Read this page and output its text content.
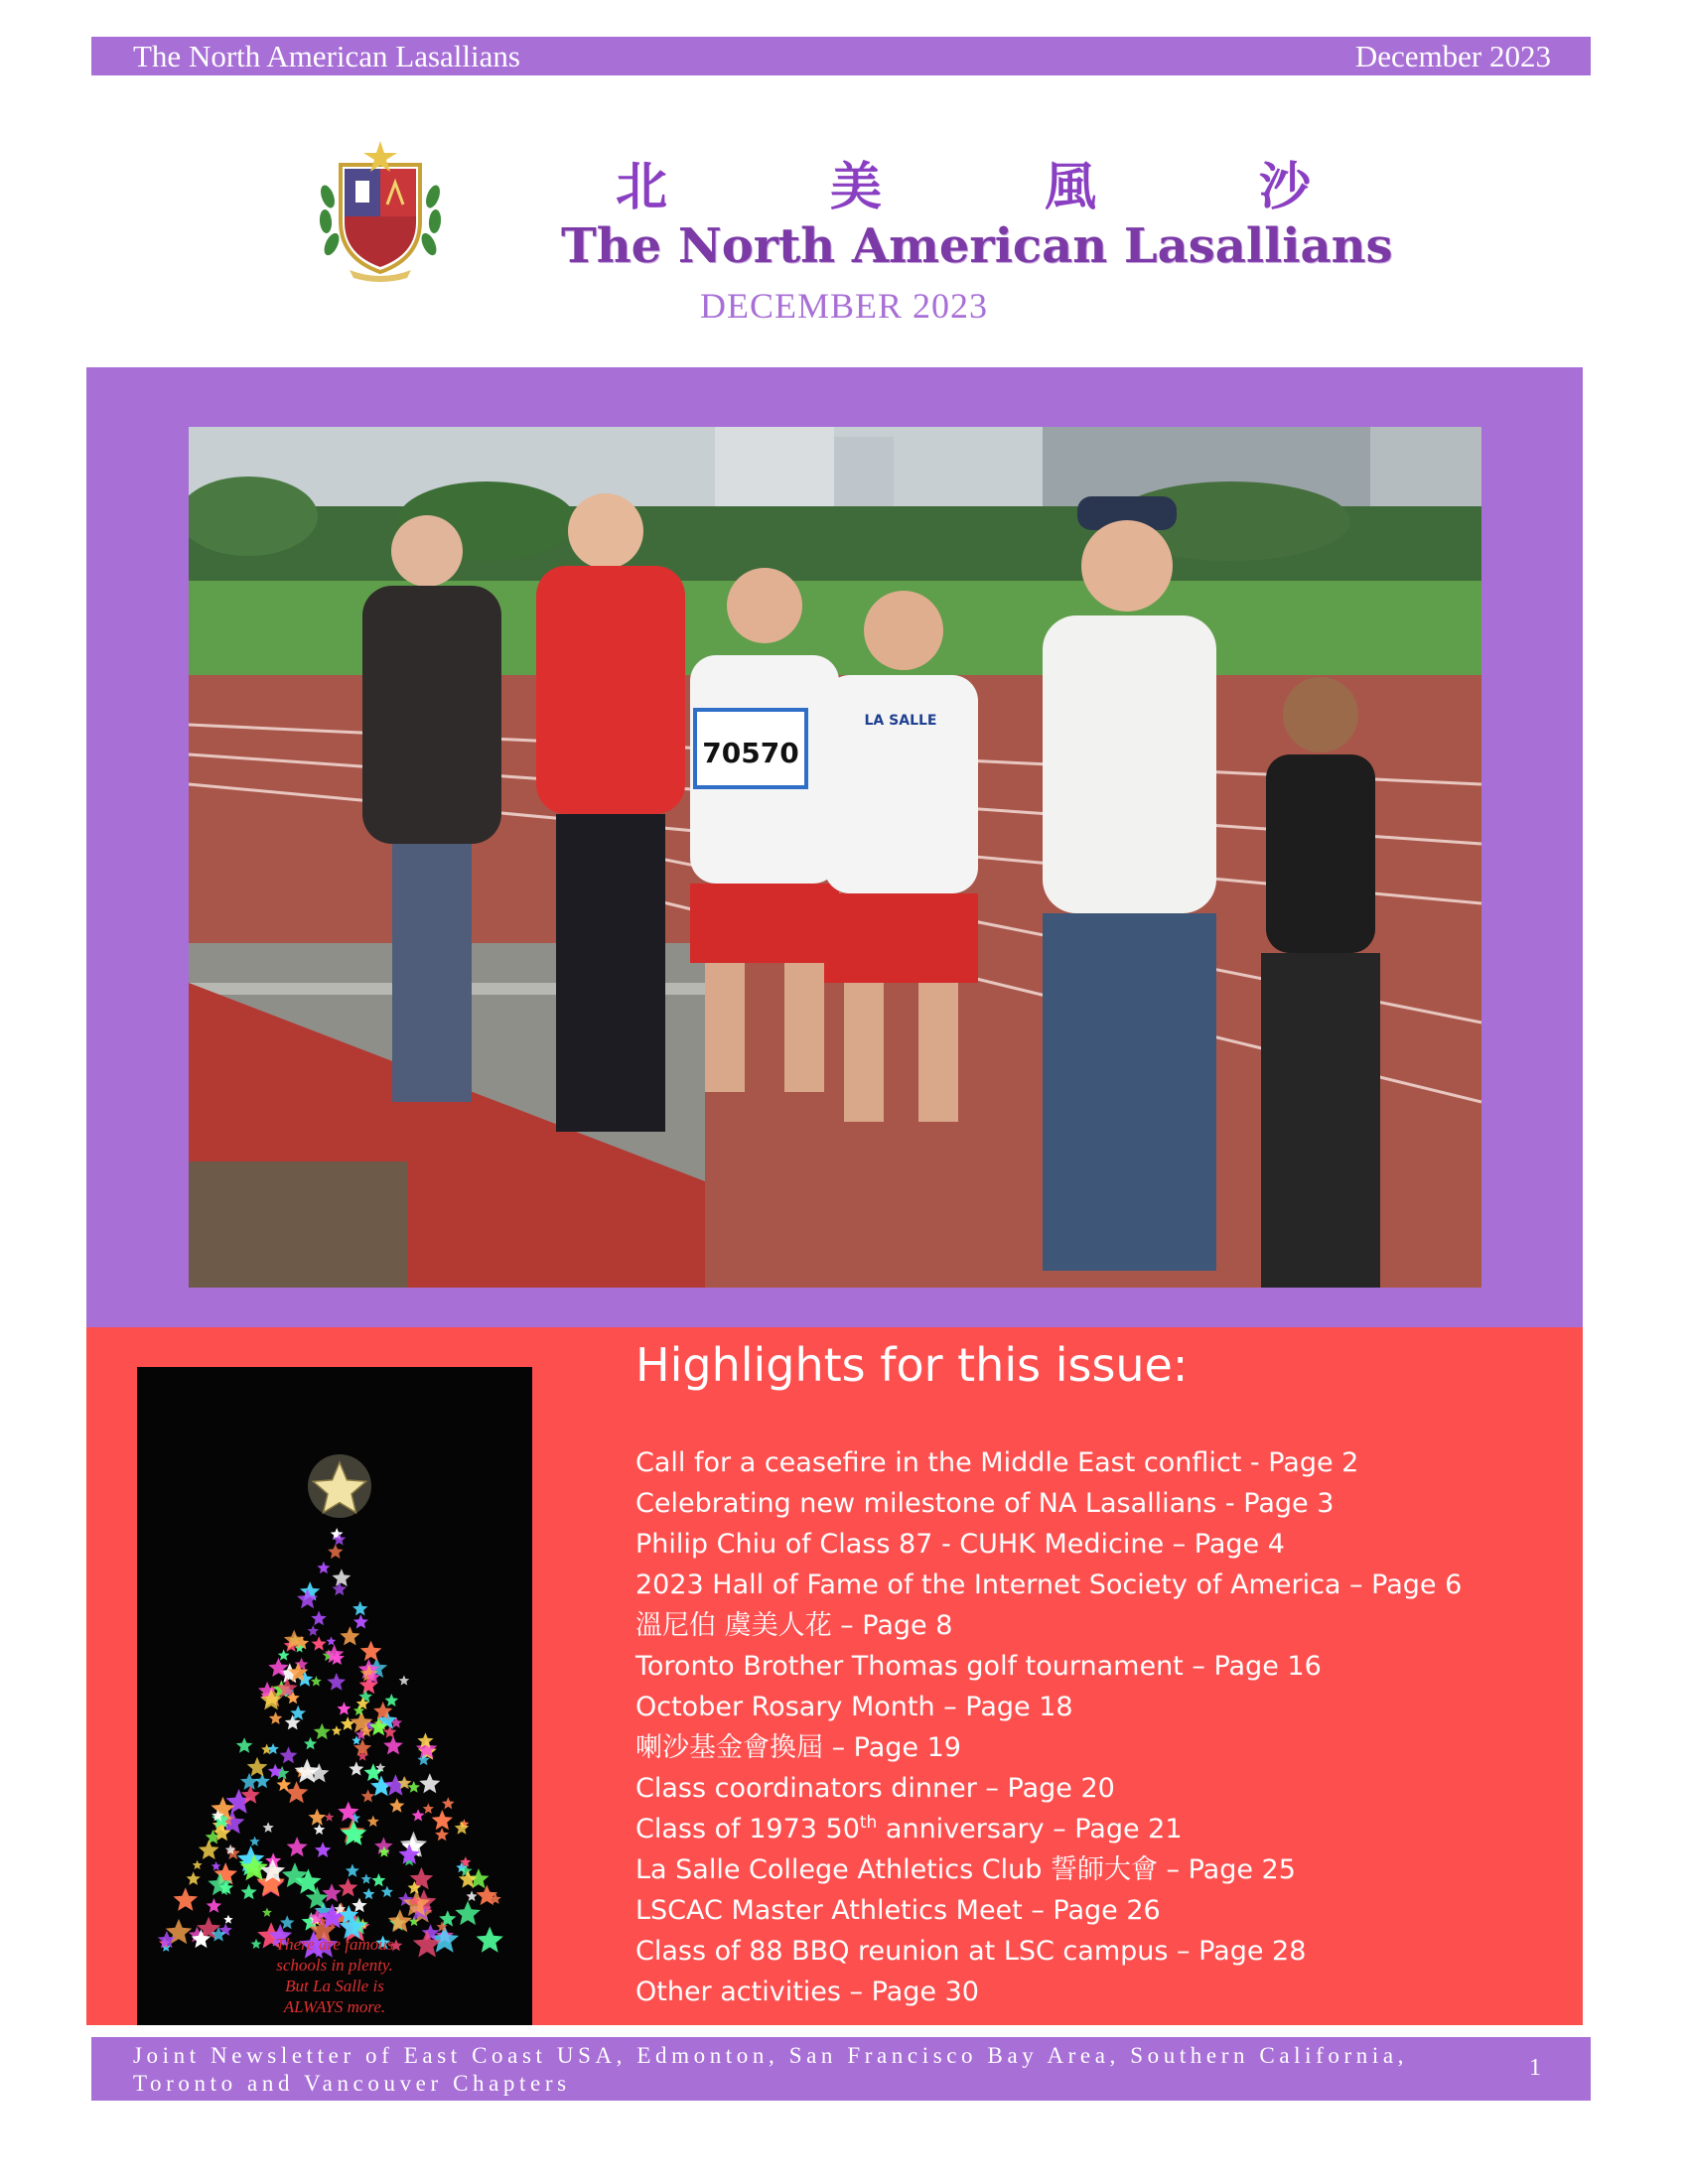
The North American Lasallians	December 2023
北	美	風	沙
The North American Lasallians
DECEMBER 2023
70570
LA SALLE
There are famous
schools in plenty.
But La Salle is
ALWAYS more.
Highlights for this issue:
Call for a ceasefire in the Middle East conflict - Page 2
Celebrating new milestone of NA Lasallians - Page 3
Philip Chiu of Class 87 - CUHK Medicine – Page 4
2023 Hall of Fame of the Internet Society of America – Page 6
溫尼伯 虞美人花 – Page 8
Toronto Brother Thomas golf tournament – Page 16
October Rosary Month – Page 18
喇沙基金會換屆 – Page 19
Class coordinators dinner – Page 20
Class of 1973 50th anniversary – Page 21
La Salle College Athletics Club 誓師大會 – Page 25
LSCAC Master Athletics Meet – Page 26
Class of 88 BBQ reunion at LSC campus – Page 28
Other activities – Page 30
Joint Newsletter of East Coast USA, Edmonton, San Francisco Bay Area, Southern California, Toronto and Vancouver Chapters
1
